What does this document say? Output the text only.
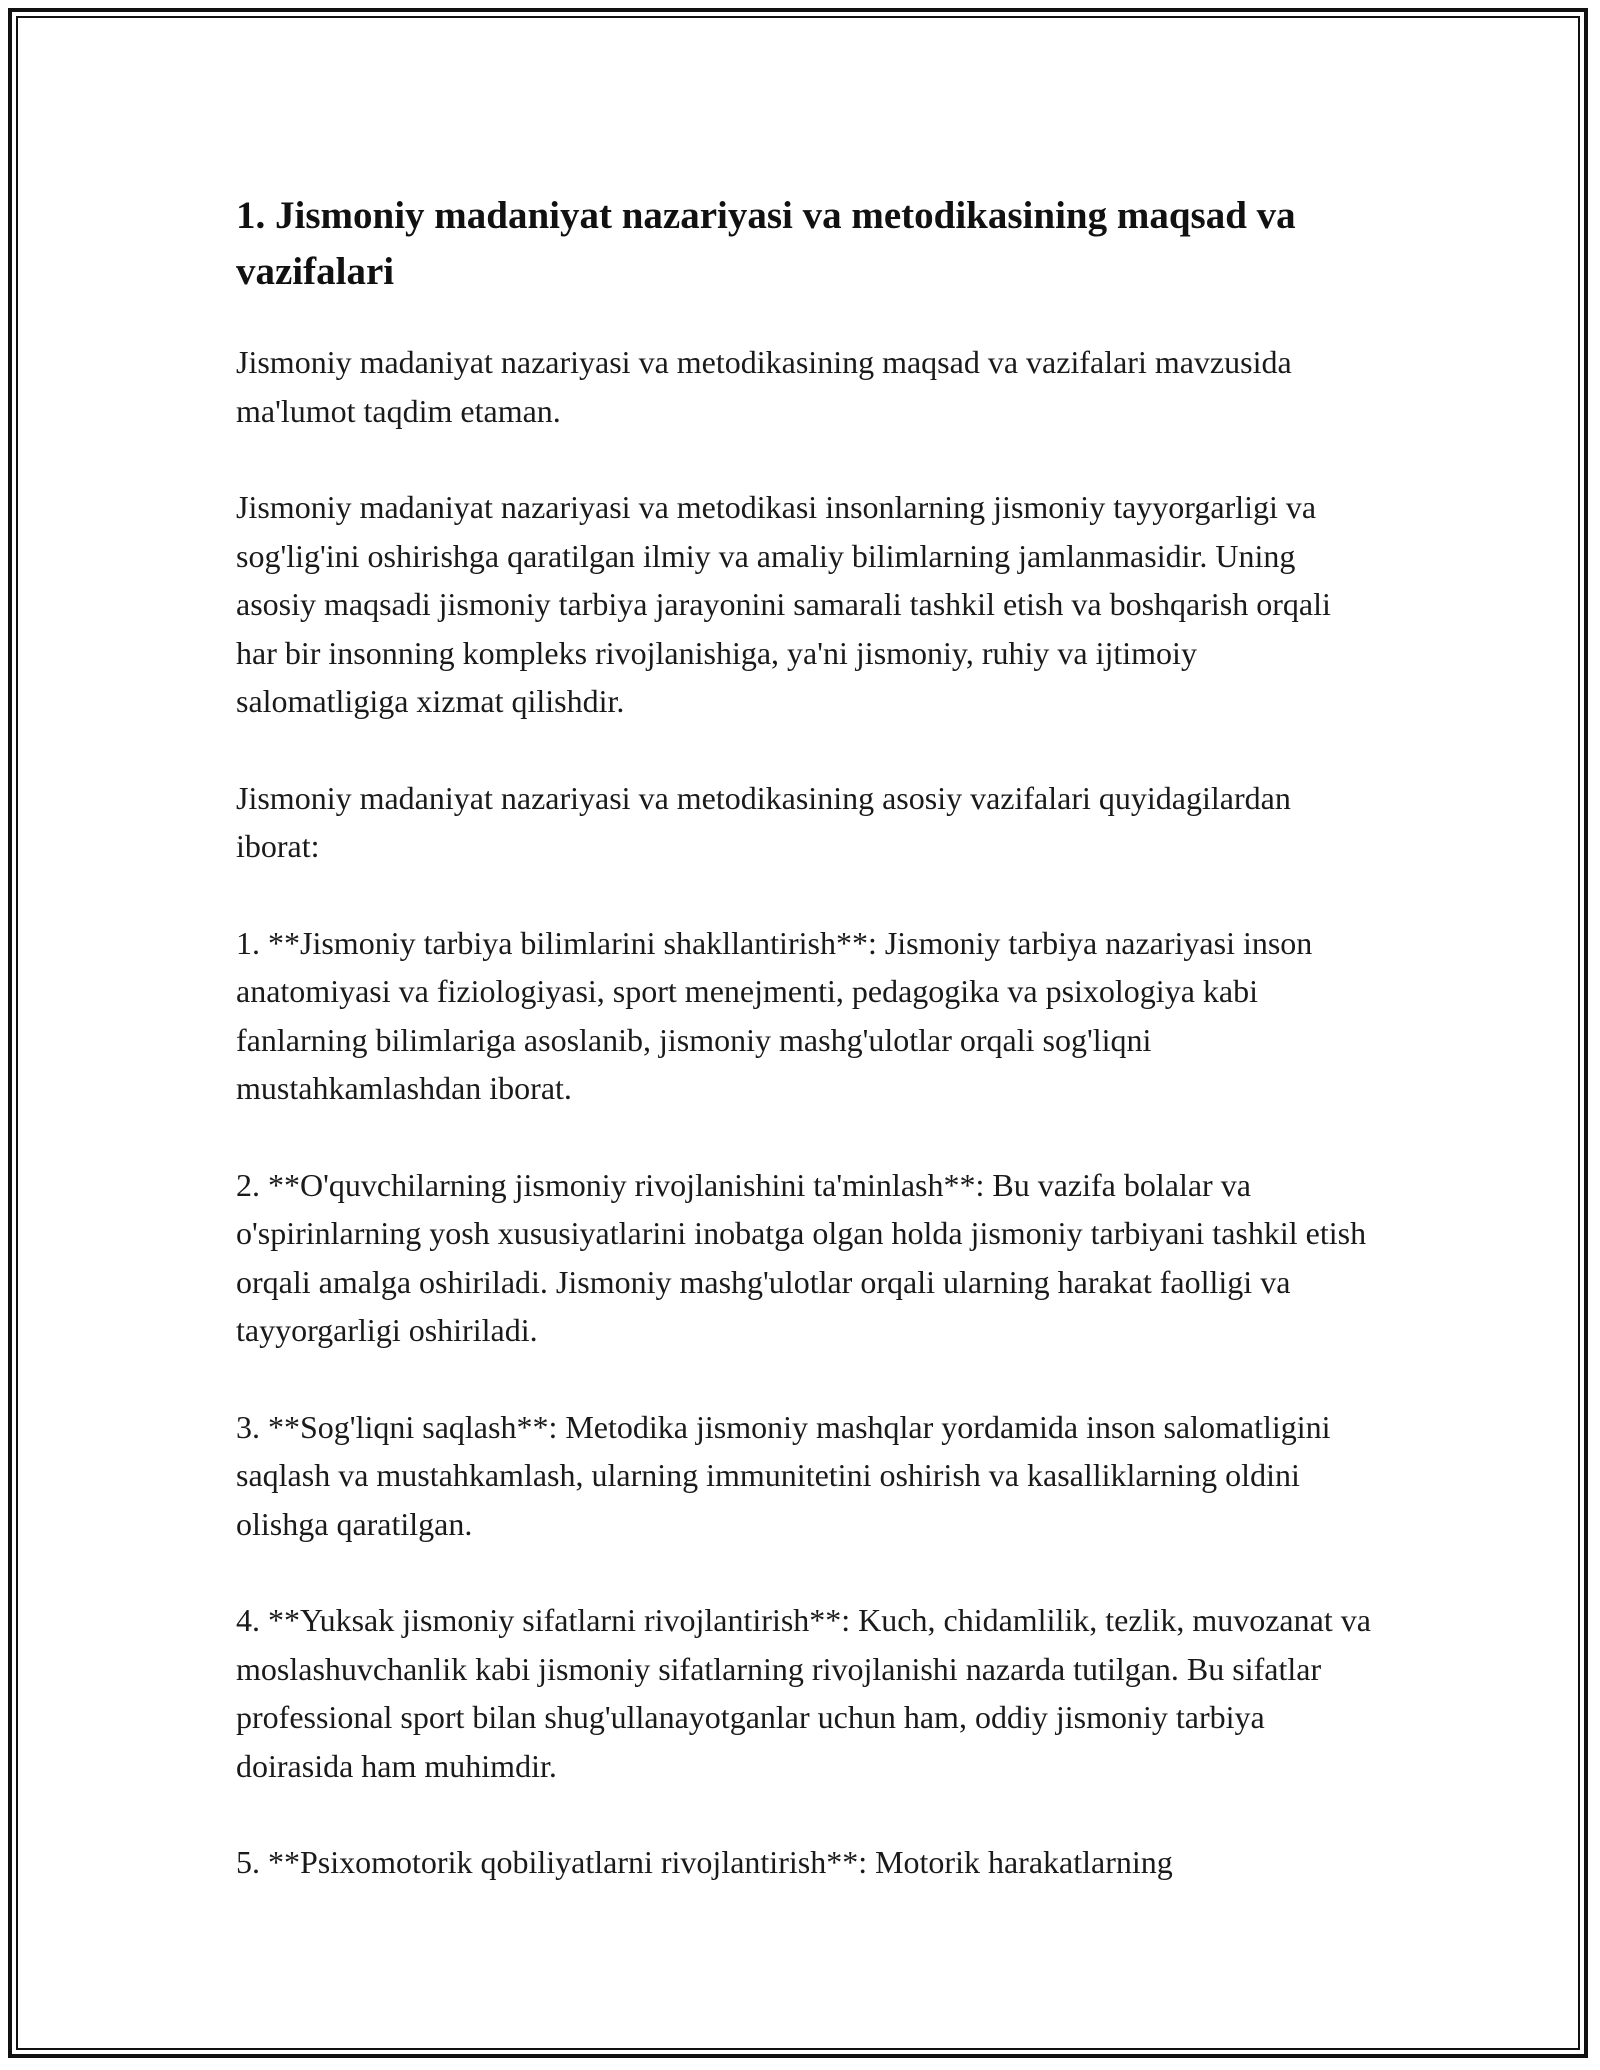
1. Jismoniy madaniyat nazariyasi va metodikasining maqsad va vazifalari

Jismoniy madaniyat nazariyasi va metodikasining maqsad va vazifalari mavzusida ma'lumot taqdim etaman.

Jismoniy madaniyat nazariyasi va metodikasi insonlarning jismoniy tayyorgarligi va sog'lig'ini oshirishga qaratilgan ilmiy va amaliy bilimlarning jamlanmasidir. Uning asosiy maqsadi jismoniy tarbiya jarayonini samarali tashkil etish va boshqarish orqali har bir insonning kompleks rivojlanishiga, ya'ni jismoniy, ruhiy va ijtimoiy salomatligiga xizmat qilishdir.

Jismoniy madaniyat nazariyasi va metodikasining asosiy vazifalari quyidagilardan iborat:

1. **Jismoniy tarbiya bilimlarini shakllantirish**: Jismoniy tarbiya nazariyasi inson anatomiyasi va fiziologiyasi, sport menejmenti, pedagogika va psixologiya kabi fanlarning bilimlariga asoslanib, jismoniy mashg'ulotlar orqali sog'liqni mustahkamlashdan iborat.

2. **O'quvchilarning jismoniy rivojlanishini ta'minlash**: Bu vazifa bolalar va o'spirinlarning yosh xususiyatlarini inobatga olgan holda jismoniy tarbiyani tashkil etish orqali amalga oshiriladi. Jismoniy mashg'ulotlar orqali ularning harakat faolligi va tayyorgarligi oshiriladi.

3. **Sog'liqni saqlash**: Metodika jismoniy mashqlar yordamida inson salomatligini saqlash va mustahkamlash, ularning immunitetini oshirish va kasalliklarning oldini olishga qaratilgan.

4. **Yuksak jismoniy sifatlarni rivojlantirish**: Kuch, chidamlilik, tezlik, muvozanat va moslashuvchanlik kabi jismoniy sifatlarning rivojlanishi nazarda tutilgan. Bu sifatlar professional sport bilan shug'ullanayotganlar uchun ham, oddiy jismoniy tarbiya doirasida ham muhimdir.

5. **Psixomotorik qobiliyatlarni rivojlantirish**: Motorik harakatlarning
